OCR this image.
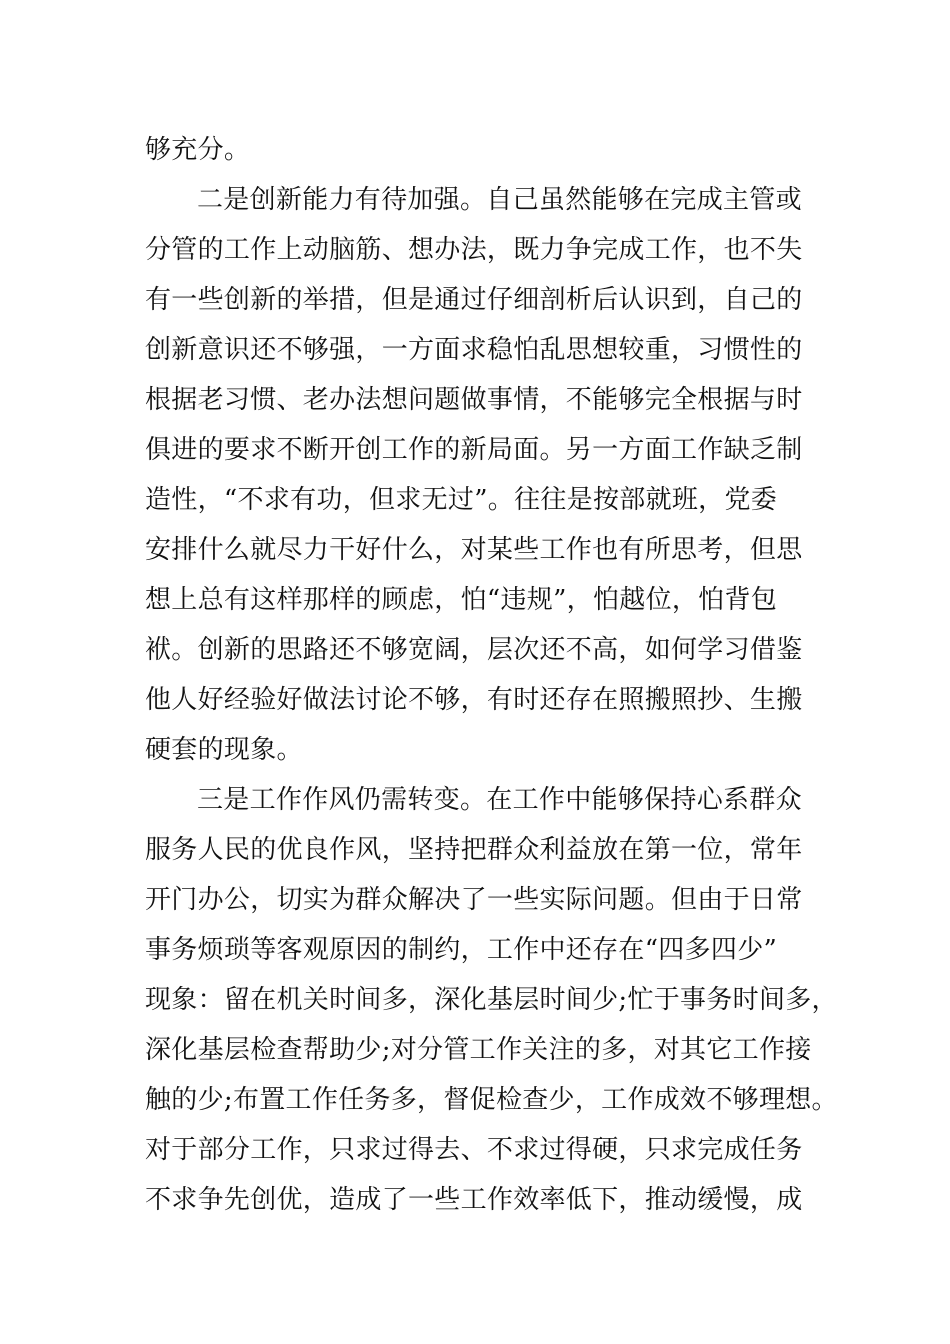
够充分。
二是创新能力有待加强。自己虽然能够在完成主管或
分管的工作上动脑筋、想办法，既力争完成工作，也不失
有一些创新的举措，但是通过仔细剖析后认识到，自己的
创新意识还不够强，一方面求稳怕乱思想较重，习惯性的
根据老习惯、老办法想问题做事情，不能够完全根据与时
俱进的要求不断开创工作的新局面。另一方面工作缺乏制
造性，“不求有功，但求无过”。往往是按部就班，党委
安排什么就尽力干好什么，对某些工作也有所思考，但思
想上总有这样那样的顾虑，怕“违规”，怕越位，怕背包
袱。创新的思路还不够宽阔，层次还不高，如何学习借鉴
他人好经验好做法讨论不够，有时还存在照搬照抄、生搬
硬套的现象。
三是工作作风仍需转变。在工作中能够保持心系群众
服务人民的优良作风，坚持把群众利益放在第一位，常年
开门办公，切实为群众解决了一些实际问题。但由于日常
事务烦琐等客观原因的制约，工作中还存在“四多四少”
现象：留在机关时间多，深化基层时间少;忙于事务时间多，
深化基层检查帮助少;对分管工作关注的多，对其它工作接
触的少;布置工作任务多，督促检查少，工作成效不够理想。
对于部分工作，只求过得去、不求过得硬，只求完成任务
不求争先创优，造成了一些工作效率低下，推动缓慢，成
